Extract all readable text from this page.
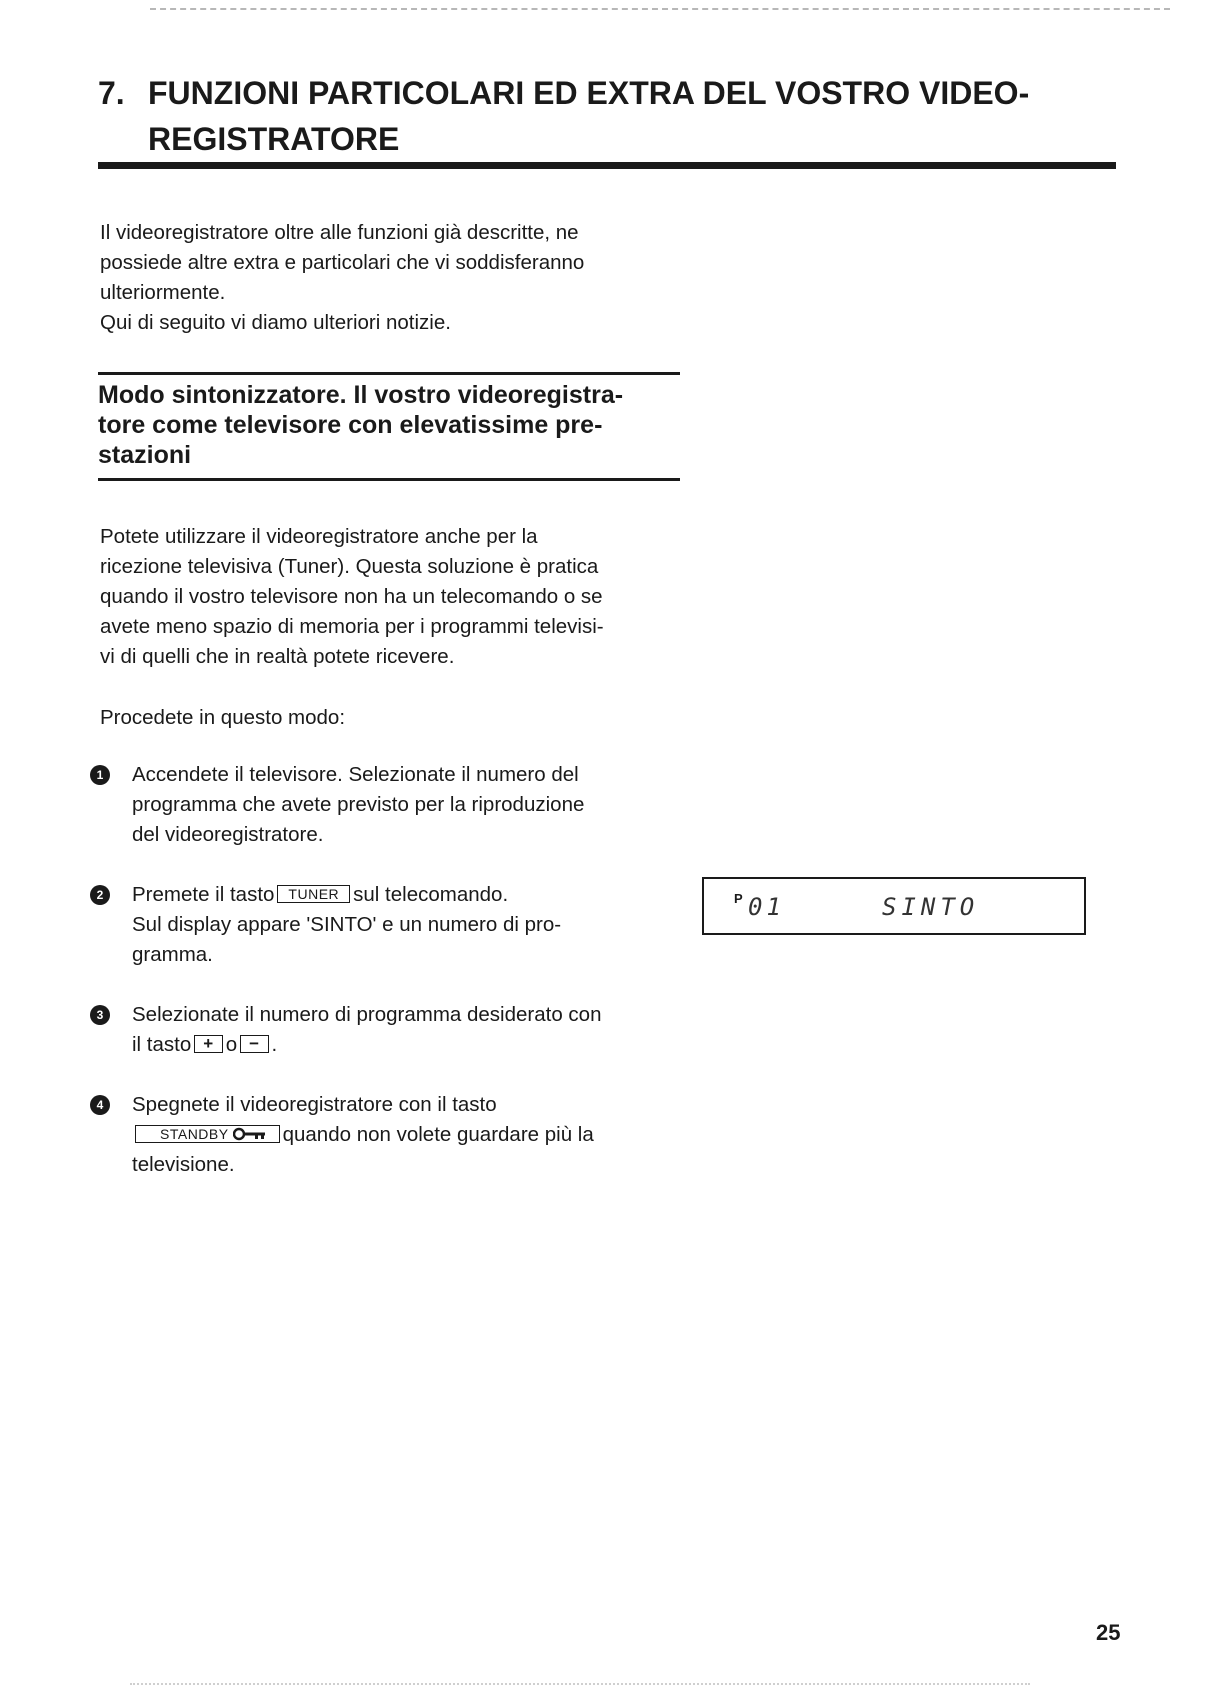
7. FUNZIONI PARTICOLARI ED EXTRA DEL VOSTRO VIDEO-
REGISTRATORE
Il videoregistratore oltre alle funzioni già descritte, ne
possiede altre extra e particolari che vi soddisferanno
ulteriormente.
Qui di seguito vi diamo ulteriori notizie.
Modo sintonizzatore. Il vostro videoregistra-
tore come televisore con elevatissime pre-
stazioni
Potete utilizzare il videoregistratore anche per la
ricezione televisiva (Tuner). Questa soluzione è pratica
quando il vostro televisore non ha un telecomando o se
avete meno spazio di memoria per i programmi televisi-
vi di quelli che in realtà potete ricevere.
Procedete in questo modo:
1	Accendete il televisore. Selezionate il numero del
programma che avete previsto per la riproduzione
del videoregistratore.
2	Premete il tasto TUNER sul telecomando.
Sul display appare 'SINTO' e un numero di pro-
gramma.
3	Selezionate il numero di programma desiderato con
il tasto + o − .
4	Spegnete il videoregistratore con il tasto
STANDBY	quando non volete guardare più la
televisione.
P 01	SINTO
25
